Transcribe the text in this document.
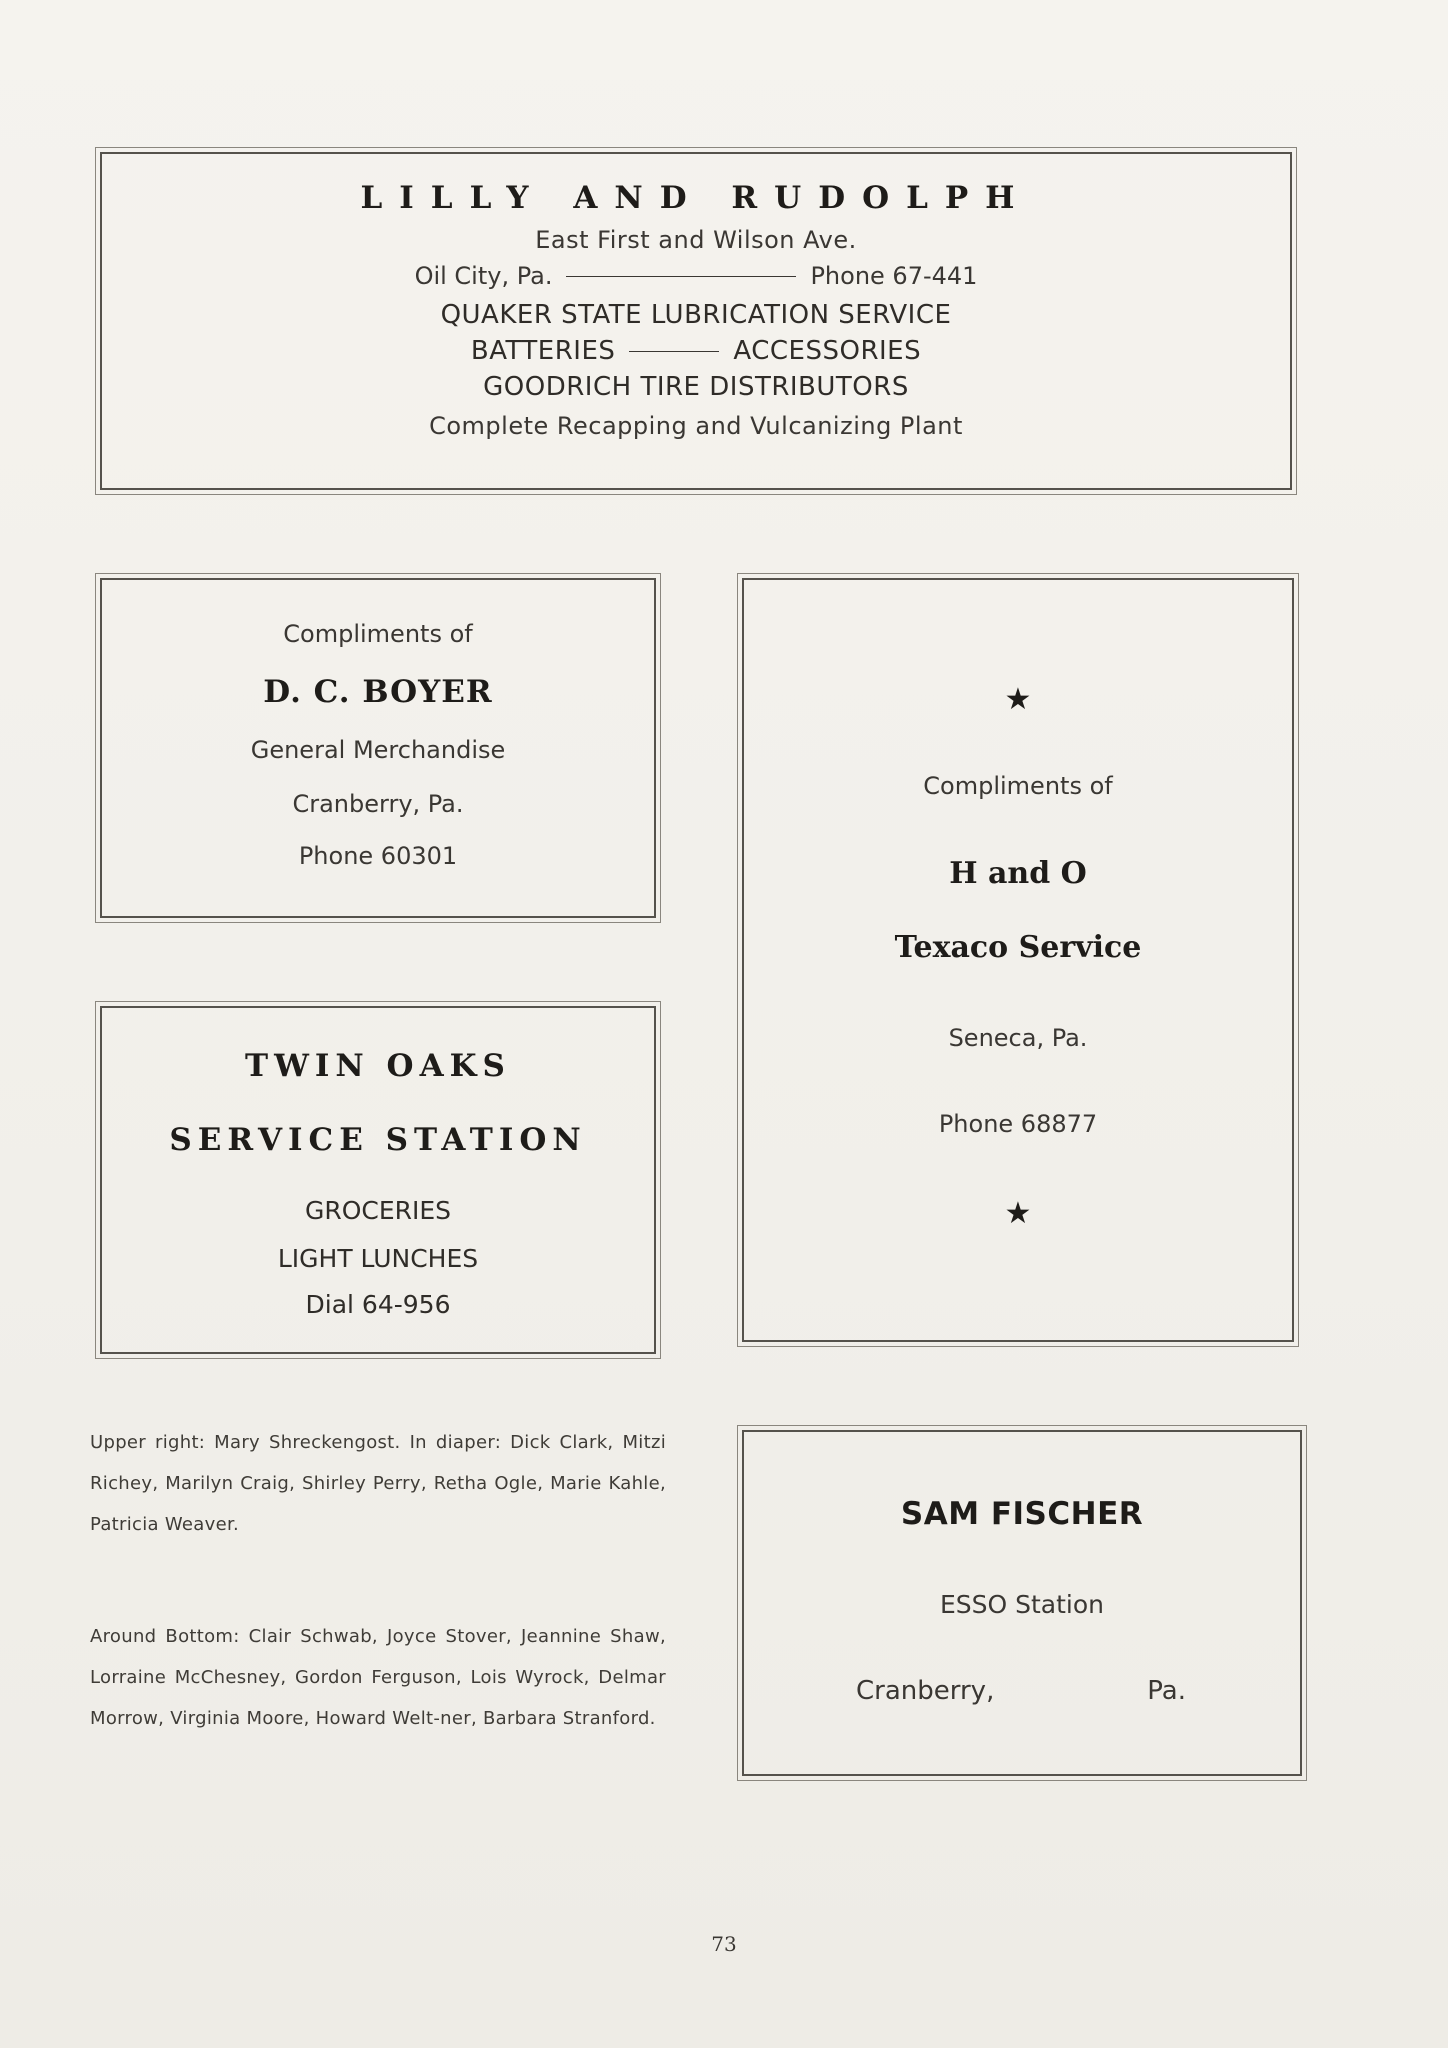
LILLY AND RUDOLPH
East First and Wilson Ave.
Oil City, Pa.	Phone 67-441
QUAKER STATE LUBRICATION SERVICE
BATTERIES	ACCESSORIES
GOODRICH TIRE DISTRIBUTORS
Complete Recapping and Vulcanizing Plant
Compliments of
D. C. BOYER
General Merchandise
Cranberry, Pa.
Phone 60301
★
Compliments of
H and O
Texaco Service
Seneca, Pa.
Phone 68877
★
TWIN OAKS
SERVICE STATION
GROCERIES
LIGHT LUNCHES
Dial 64-956
Upper right: Mary Shreckengost. In diaper: Dick Clark, Mitzi Richey, Marilyn Craig, Shirley Perry, Retha Ogle, Marie Kahle, Patricia Weaver.
Around Bottom: Clair Schwab, Joyce Stover, Jeannine Shaw, Lorraine McChesney, Gordon Ferguson, Lois Wyrock, Delmar Morrow, Virginia Moore, Howard Welt-ner, Barbara Stranford.
SAM FISCHER
ESSO Station
Cranberry,	Pa.
73
